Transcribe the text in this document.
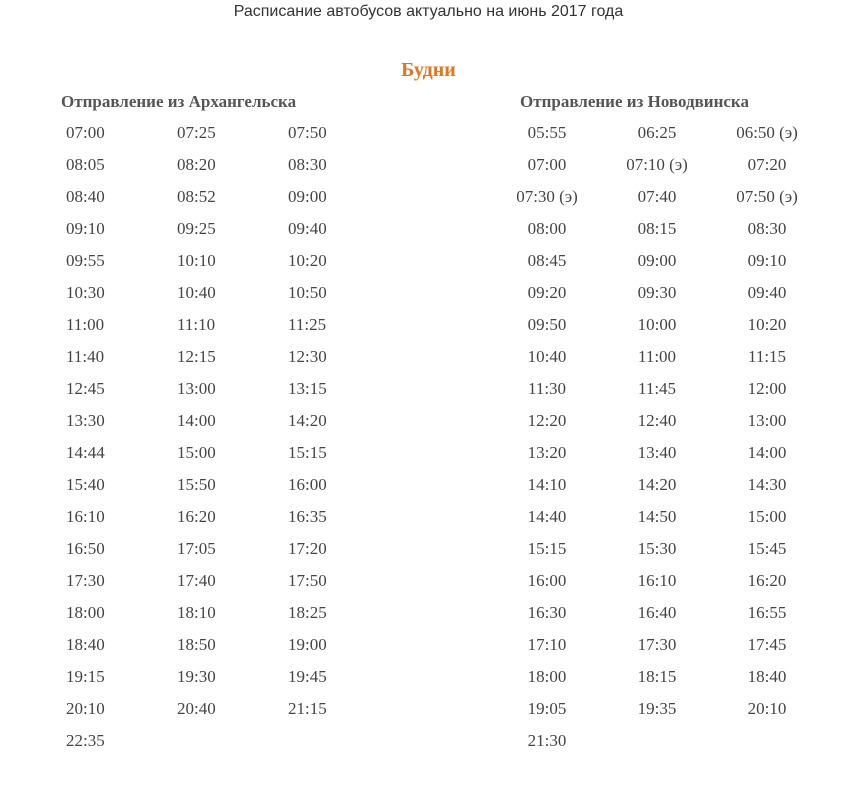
Расписание автобусов актуально на июнь 2017 года
Будни
Отправление из Архангельска	Отправление из Новодвинска
07:00	07:25	07:50
08:05	08:20	08:30
08:40	08:52	09:00
09:10	09:25	09:40
09:55	10:10	10:20
10:30	10:40	10:50
11:00	11:10	11:25
11:40	12:15	12:30
12:45	13:00	13:15
13:30	14:00	14:20
14:44	15:00	15:15
15:40	15:50	16:00
16:10	16:20	16:35
16:50	17:05	17:20
17:30	17:40	17:50
18:00	18:10	18:25
18:40	18:50	19:00
19:15	19:30	19:45
20:10	20:40	21:15
22:35
05:55	06:25	06:50 (э)
07:00	07:10 (э)	07:20
07:30 (э)	07:40	07:50 (э)
08:00	08:15	08:30
08:45	09:00	09:10
09:20	09:30	09:40
09:50	10:00	10:20
10:40	11:00	11:15
11:30	11:45	12:00
12:20	12:40	13:00
13:20	13:40	14:00
14:10	14:20	14:30
14:40	14:50	15:00
15:15	15:30	15:45
16:00	16:10	16:20
16:30	16:40	16:55
17:10	17:30	17:45
18:00	18:15	18:40
19:05	19:35	20:10
21:30
